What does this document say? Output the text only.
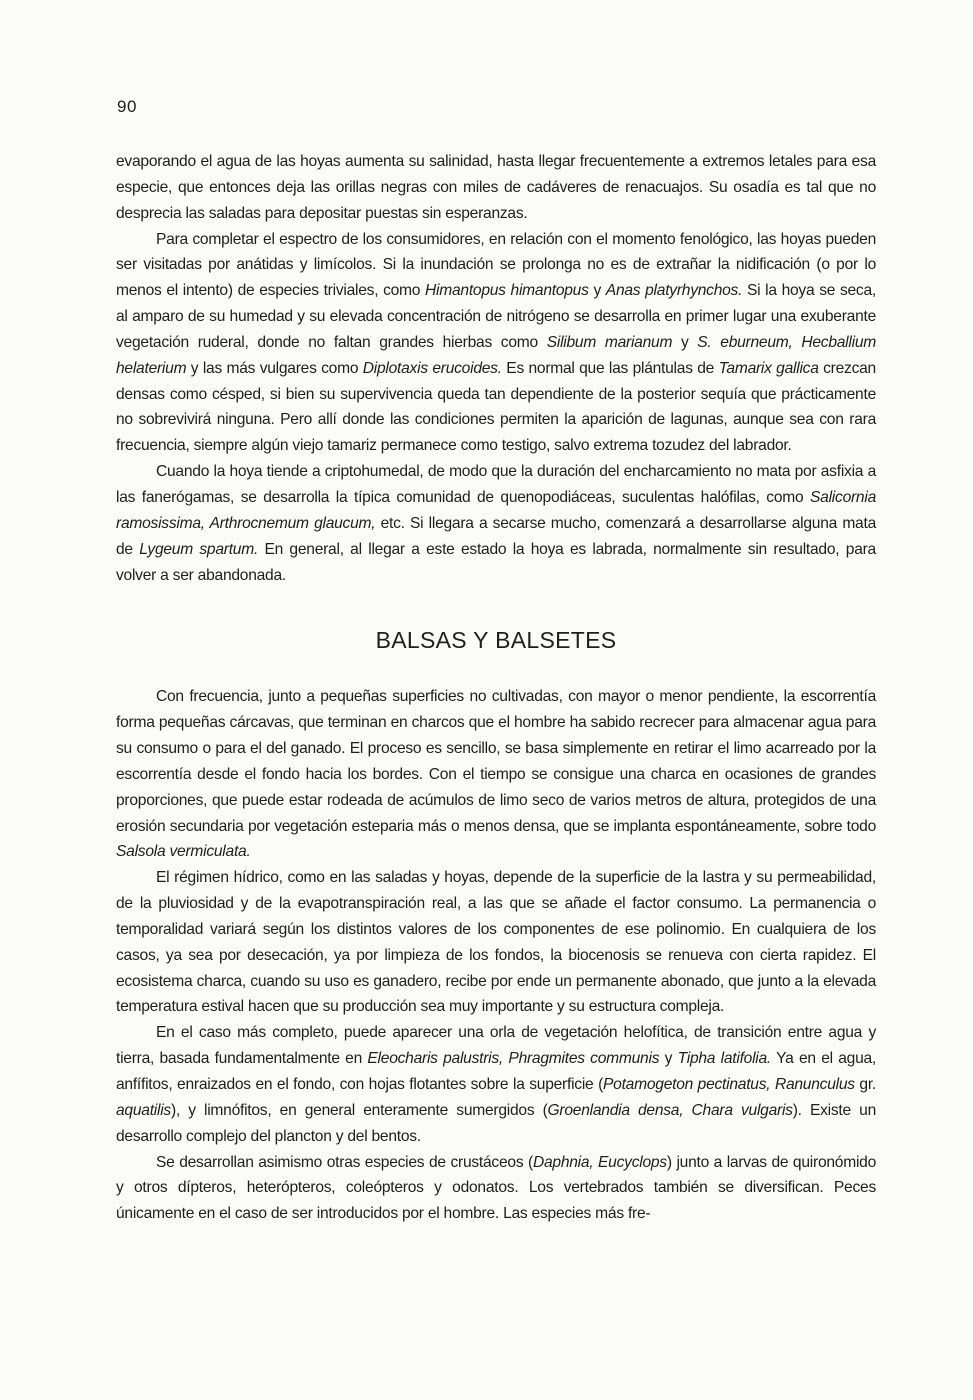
90

evaporando el agua de las hoyas aumenta su salinidad, hasta llegar frecuentemente a extremos letales para esa especie, que entonces deja las orillas negras con miles de cadáveres de renacuajos. Su osadía es tal que no desprecia las saladas para depositar puestas sin esperanzas.

Para completar el espectro de los consumidores, en relación con el momento fenológico, las hoyas pueden ser visitadas por anátidas y limícolos. Si la inundación se prolonga no es de extrañar la nidificación (o por lo menos el intento) de especies triviales, como Himantopus himantopus y Anas platyrhynchos. Si la hoya se seca, al amparo de su humedad y su elevada concentración de nitrógeno se desarrolla en primer lugar una exuberante vegetación ruderal, donde no faltan grandes hierbas como Silibum marianum y S. eburneum, Hecballium helaterium y las más vulgares como Diplotaxis erucoides. Es normal que las plántulas de Tamarix gallica crezcan densas como césped, si bien su supervivencia queda tan dependiente de la posterior sequía que prácticamente no sobrevivirá ninguna. Pero allí donde las condiciones permiten la aparición de lagunas, aunque sea con rara frecuencia, siempre algún viejo tamariz permanece como testigo, salvo extrema tozudez del labrador.

Cuando la hoya tiende a criptohumedal, de modo que la duración del encharcamiento no mata por asfixia a las fanerógamas, se desarrolla la típica comunidad de quenopodiáceas, suculentas halófilas, como Salicornia ramosissima, Arthrocnemum glaucum, etc. Si llegara a secarse mucho, comenzará a desarrollarse alguna mata de Lygeum spartum. En general, al llegar a este estado la hoya es labrada, normalmente sin resultado, para volver a ser abandonada.

BALSAS Y BALSETES

Con frecuencia, junto a pequeñas superficies no cultivadas, con mayor o menor pendiente, la escorrentía forma pequeñas cárcavas, que terminan en charcos que el hombre ha sabido recrecer para almacenar agua para su consumo o para el del ganado. El proceso es sencillo, se basa simplemente en retirar el limo acarreado por la escorrentía desde el fondo hacia los bordes. Con el tiempo se consigue una charca en ocasiones de grandes proporciones, que puede estar rodeada de acúmulos de limo seco de varios metros de altura, protegidos de una erosión secundaria por vegetación esteparia más o menos densa, que se implanta espontáneamente, sobre todo Salsola vermiculata.

El régimen hídrico, como en las saladas y hoyas, depende de la superficie de la lastra y su permeabilidad, de la pluviosidad y de la evapotranspiración real, a las que se añade el factor consumo. La permanencia o temporalidad variará según los distintos valores de los componentes de ese polinomio. En cualquiera de los casos, ya sea por desecación, ya por limpieza de los fondos, la biocenosis se renueva con cierta rapidez. El ecosistema charca, cuando su uso es ganadero, recibe por ende un permanente abonado, que junto a la elevada temperatura estival hacen que su producción sea muy importante y su estructura compleja.

En el caso más completo, puede aparecer una orla de vegetación helofítica, de transición entre agua y tierra, basada fundamentalmente en Eleocharis palustris, Phragmites communis y Tipha latifolia. Ya en el agua, anfífitos, enraizados en el fondo, con hojas flotantes sobre la superficie (Potamogeton pectinatus, Ranunculus gr. aquatilis), y limnófitos, en general enteramente sumergidos (Groenlandia densa, Chara vulgaris). Existe un desarrollo complejo del plancton y del bentos.

Se desarrollan asimismo otras especies de crustáceos (Daphnia, Eucyclops) junto a larvas de quironómido y otros dípteros, heterópteros, coleópteros y odonatos. Los vertebrados también se diversifican. Peces únicamente en el caso de ser introducidos por el hombre. Las especies más fre-
